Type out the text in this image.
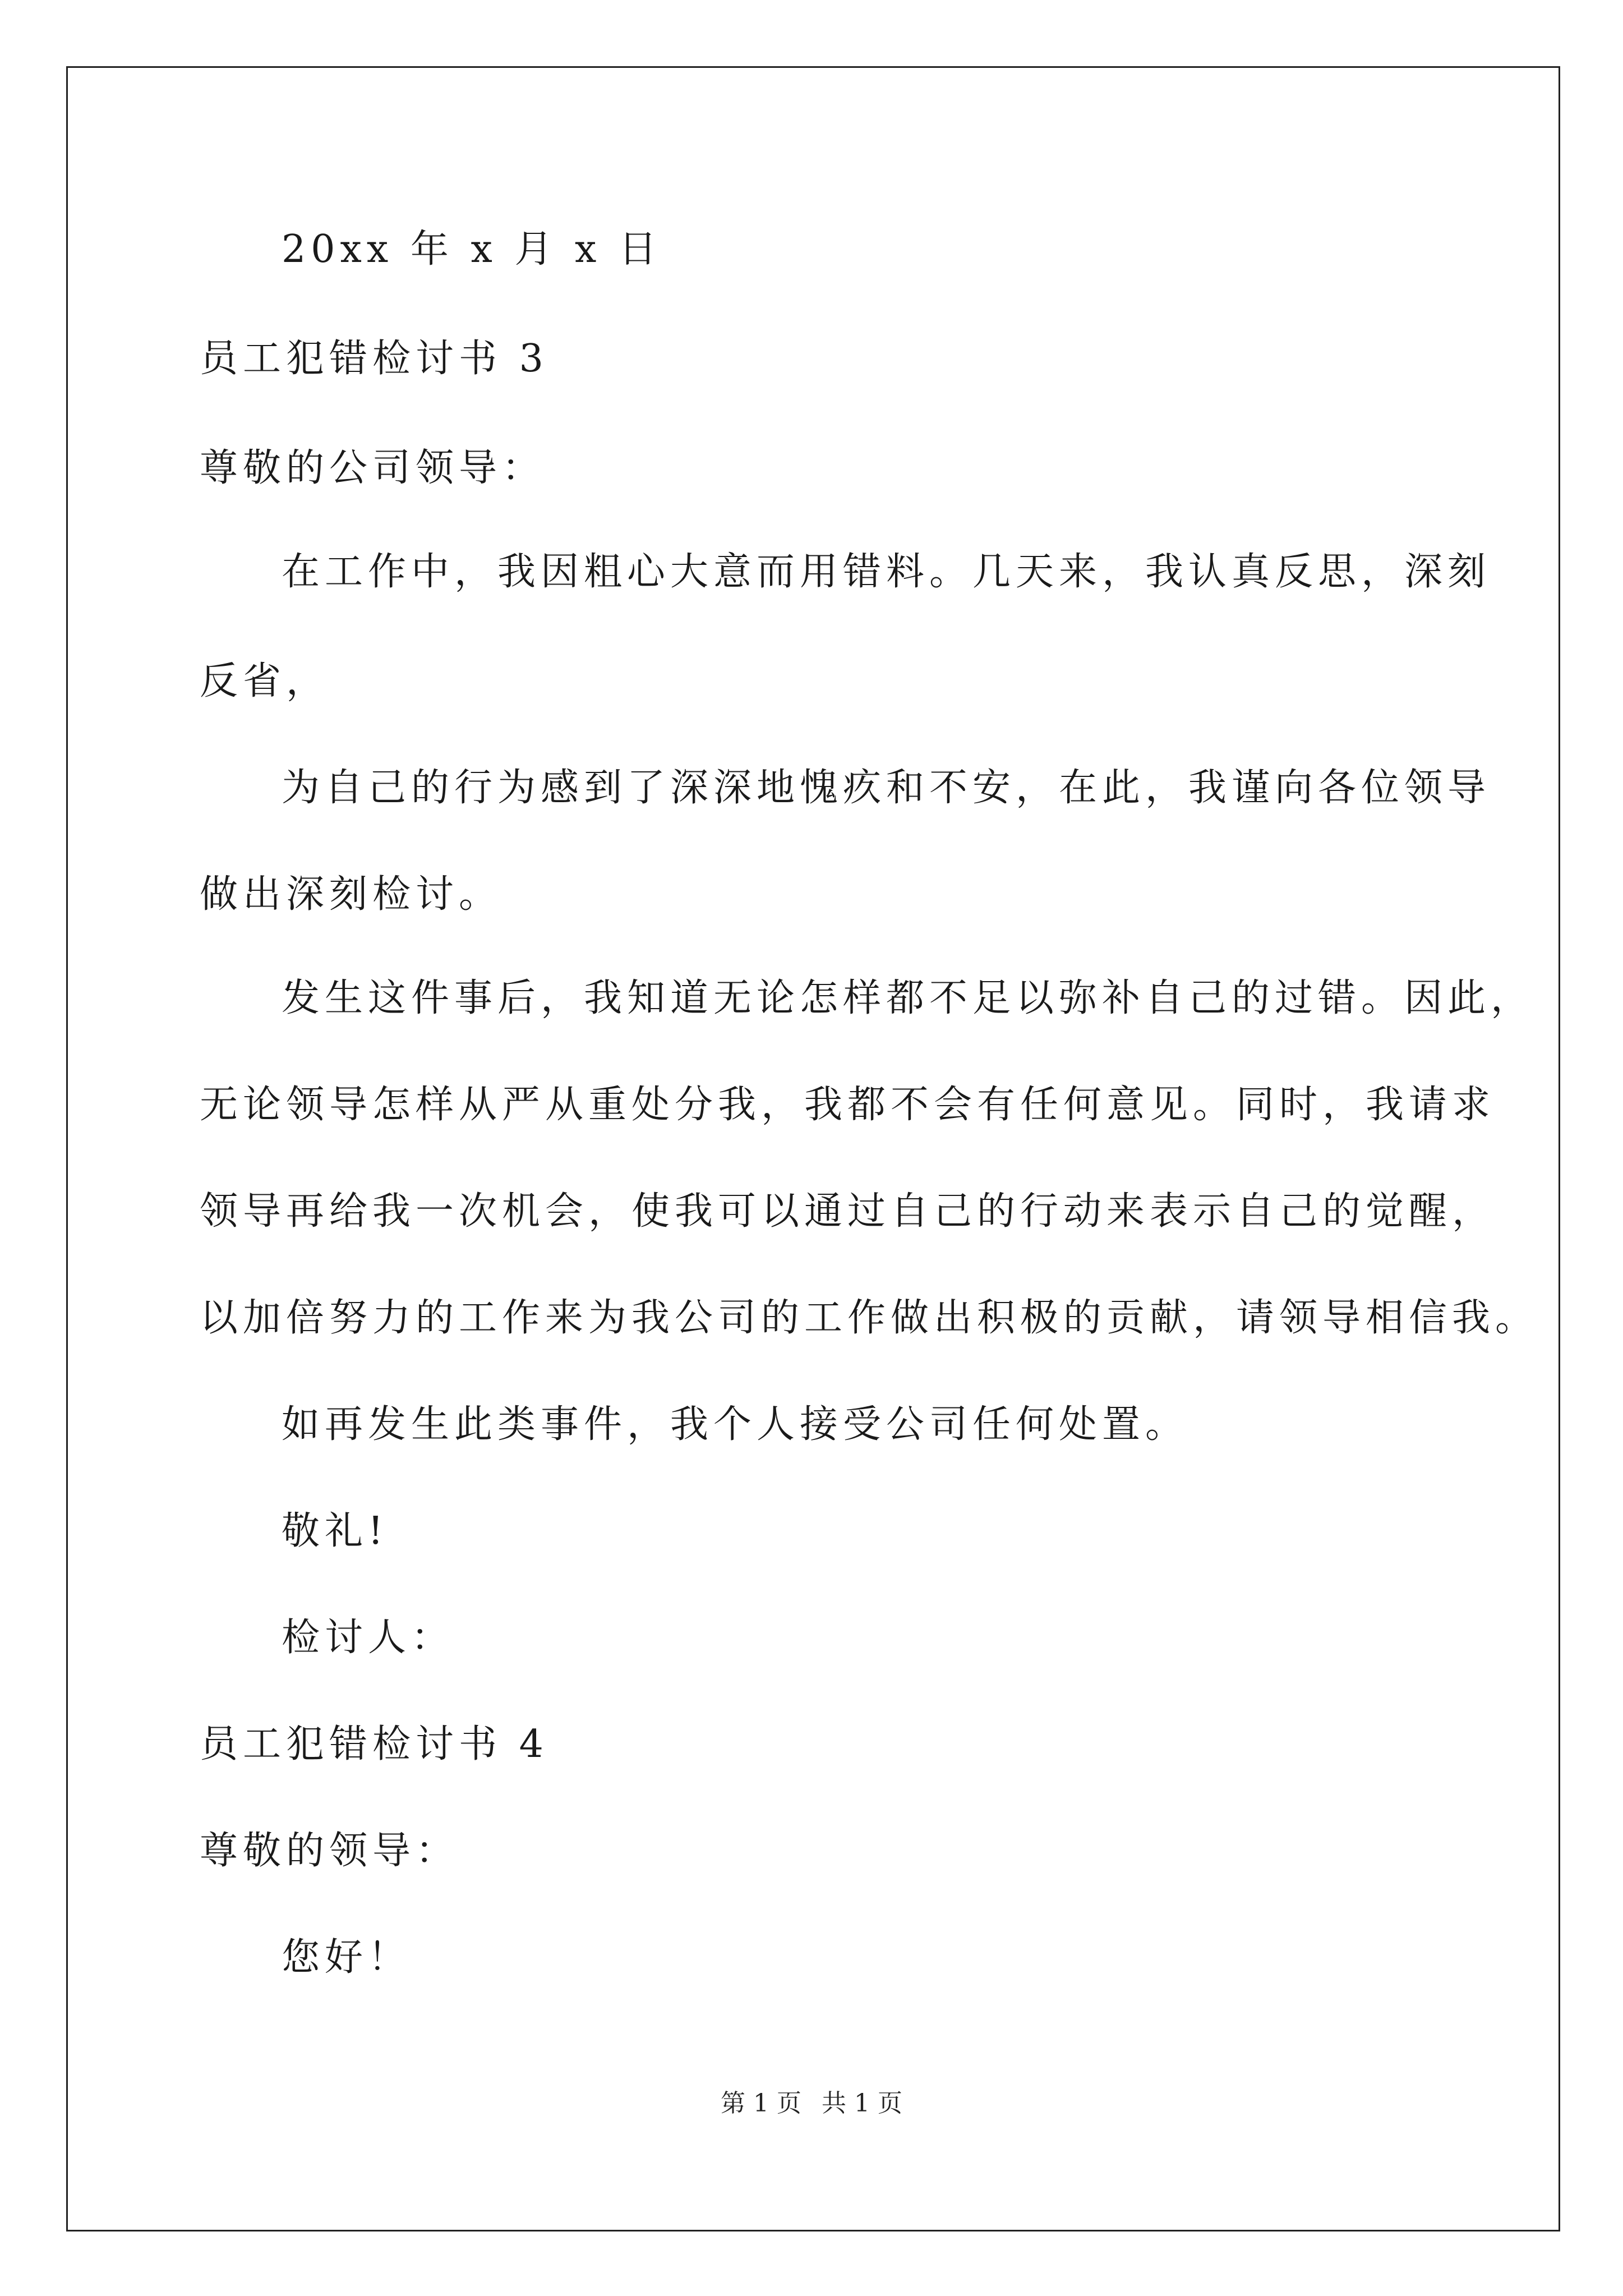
20xx 年 x 月 x 日
员工犯错检讨书 3
尊敬的公司领导：
在工作中，我因粗心大意而用错料。几天来，我认真反思，深刻
反省，
为自己的行为感到了深深地愧疚和不安，在此，我谨向各位领导
做出深刻检讨。
发生这件事后，我知道无论怎样都不足以弥补自己的过错。因此，
无论领导怎样从严从重处分我，我都不会有任何意见。同时，我请求
领导再给我一次机会，使我可以通过自己的行动来表示自己的觉醒，
以加倍努力的工作来为我公司的工作做出积极的贡献，请领导相信我。
如再发生此类事件，我个人接受公司任何处置。
敬礼!
检讨人：
员工犯错检讨书 4
尊敬的领导：
您好！
第 1 页 共 1 页
